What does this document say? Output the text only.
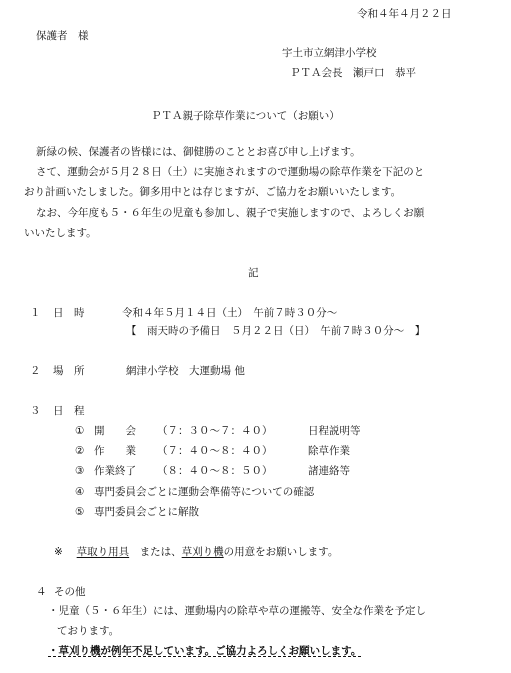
令和４年４月２２日
保護者　様
宇土市立網津小学校
ＰＴＡ会長　瀬戸口　恭平
ＰＴＡ親子除草作業について（お願い）
新緑の候、保護者の皆様には、御健勝のこととお喜び申し上げます。
さて、運動会が５月２８日（土）に実施されますので運動場の除草作業を下記のと
おり計画いたしました。御多用中とは存じますが、ご協力をお願いいたします。
なお、今年度も５・６年生の児童も参加し、親子で実施しますので、よろしくお願
いいたします。
記
１ 日　時	令和４年５月１４日（土）　午前７時３０分～
【　雨天時の予備日　５月２２日（日）　午前７時３０分～　】
２ 場　所	網津小学校　大運動場 他
３ 日　程
① 開　　会 （７：３０～７：４０）	日程説明等
② 作　　業 （７：４０～８：４０）	除草作業
③ 作業終了 （８：４０～８：５０）	諸連絡等
④ 専門委員会ごとに運動会準備等についての確認
⑤ 専門委員会ごとに解散
※　 草取り用具　または、草刈り機の用意をお願いします。
４ その他
・児童（５・６年生）には、運動場内の除草や草の運搬等、安全な作業を予定し
ております。
・草刈り機が例年不足しています。ご協力よろしくお願いします。
